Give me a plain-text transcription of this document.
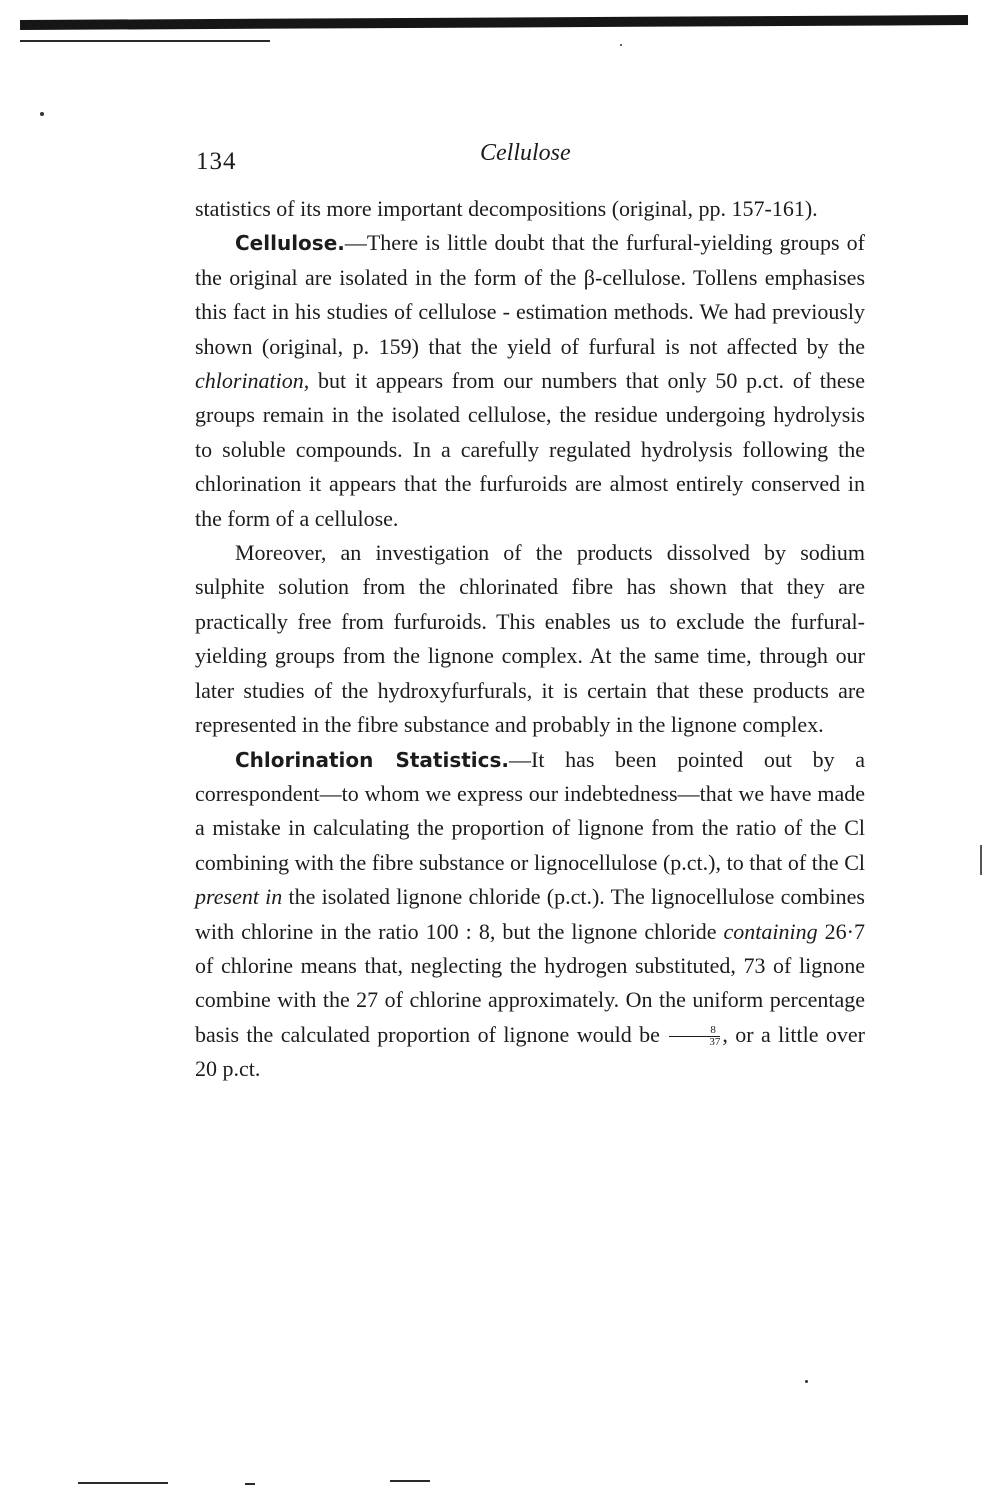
134	Cellulose

statistics of its more important decompositions (original, pp. 157-161).

Cellulose.—There is little doubt that the furfural-yielding groups of the original are isolated in the form of the β-cellulose. Tollens emphasises this fact in his studies of cellulose - estimation methods. We had previously shown (original, p. 159) that the yield of furfural is not affected by the chlorination, but it appears from our numbers that only 50 p.ct. of these groups remain in the isolated cellulose, the residue undergoing hydrolysis to soluble compounds. In a carefully regulated hydrolysis following the chlorination it appears that the furfuroids are almost entirely conserved in the form of a cellulose.

Moreover, an investigation of the products dissolved by sodium sulphite solution from the chlorinated fibre has shown that they are practically free from furfuroids. This enables us to exclude the furfural-yielding groups from the lignone complex. At the same time, through our later studies of the hydroxyfurfurals, it is certain that these products are represented in the fibre substance and probably in the lignone complex.

Chlorination Statistics.—It has been pointed out by a correspondent—to whom we express our indebtedness—that we have made a mistake in calculating the proportion of lignone from the ratio of the Cl combining with the fibre substance or lignocellulose (p.ct.), to that of the Cl present in the isolated lignone chloride (p.ct.). The lignocellulose combines with chlorine in the ratio 100 : 8, but the lignone chloride containing 26·7 of chlorine means that, neglecting the hydrogen substituted, 73 of lignone combine with the 27 of chlorine approximately. On the uniform percentage basis the calculated proportion of lignone would be $\frac{8}{37}$ , or a little over 20 p.ct.
